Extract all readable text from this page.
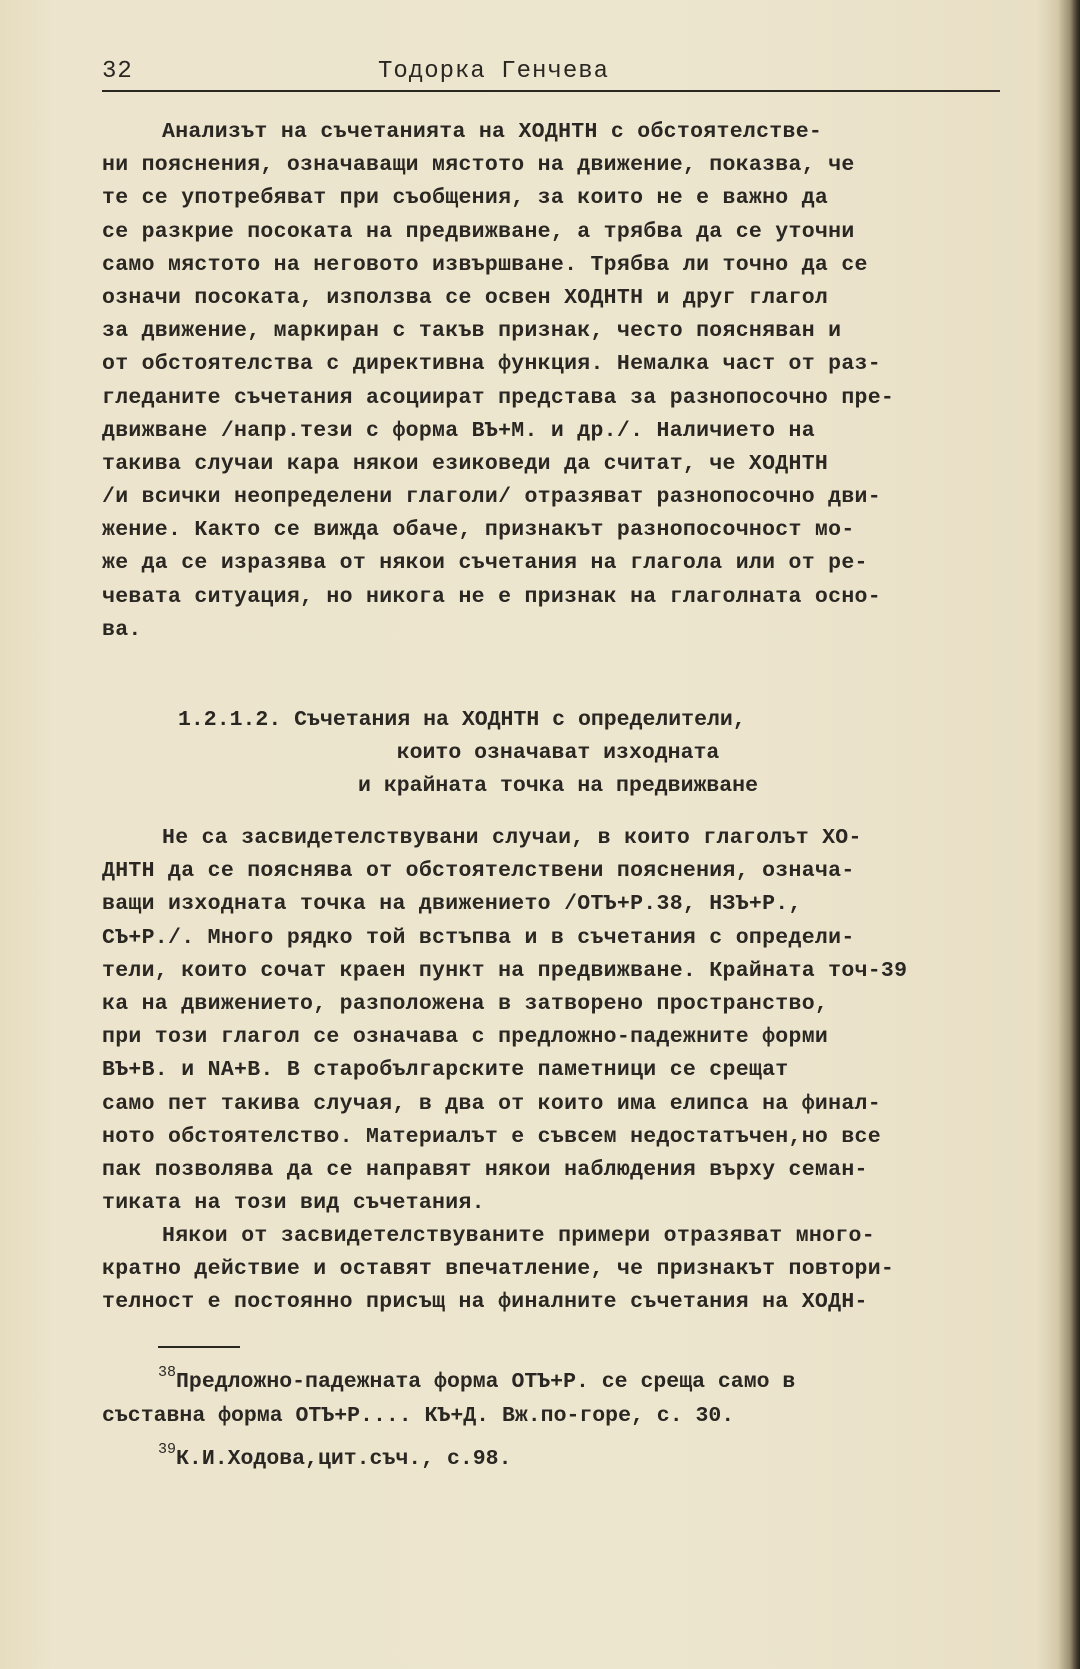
32	Тодорка Генчева
Анализът на съчетанията на ХОДНТН с обстоятелстве-
ни пояснения, означаващи мястото на движение, показва, че
те се употребяват при съобщения, за които не е важно да
се разкрие посоката на предвижване, а трябва да се уточни
само мястото на неговото извършване. Трябва ли точно да се
означи посоката, използва се освен ХОДНТН и друг глагол
за движение, маркиран с такъв признак, често поясняван и
от обстоятелства с директивна функция. Немалка част от раз-
гледаните съчетания асоциират представа за разнопосочно пре-
движване /напр.тези с форма ВЪ+М. и др./. Наличието на
такива случаи кара някои езиковеди да считат, че ХОДНТН
/и всички неопределени глаголи/ отразяват разнопосочно дви-
жение. Както се вижда обаче, признакът разнопосочност мо-
же да се изразява от някои съчетания на глагола или от ре-
чевата ситуация, но никога не е признак на глаголната осно-
ва.
1.2.1.2. Съчетания на ХОДНТН с определители,
които означават изходната
и крайната точка на предвижване
Не са засвидетелствувани случаи, в които глаголът ХО-
ДНТН да се пояснява от обстоятелствени пояснения, означа-
ващи изходната точка на движението /ОТЪ+Р.38, НЗЪ+Р.,
СЪ+Р./. Много рядко той встъпва и в съчетания с определи-
тели, които сочат краен пункт на предвижване. Крайната точ-39
ка на движението, разположена в затворено пространство,
при този глагол се означава с предложно-падежните форми
ВЪ+В. и NА+В. В старобългарските паметници се срещат
само пет такива случая, в два от които има елипса на финал-
ното обстоятелство. Материалът е съвсем недостатъчен,но все
пак позволява да се направят някои наблюдения върху семан-
тиката на този вид съчетания.
Някои от засвидетелствуваните примери отразяват много-
кратно действие и оставят впечатление, че признакът повтори-
телност е постоянно присъщ на финалните съчетания на ХОДН-
$^{38}$Предложно-падежната форма ОТЪ+Р. се среща само в
съставна форма ОТЪ+Р.... КЪ+Д. Вж.по-горе, с. 30.
$^{39}$К.И.Ходова,цит.съч., с.98.
